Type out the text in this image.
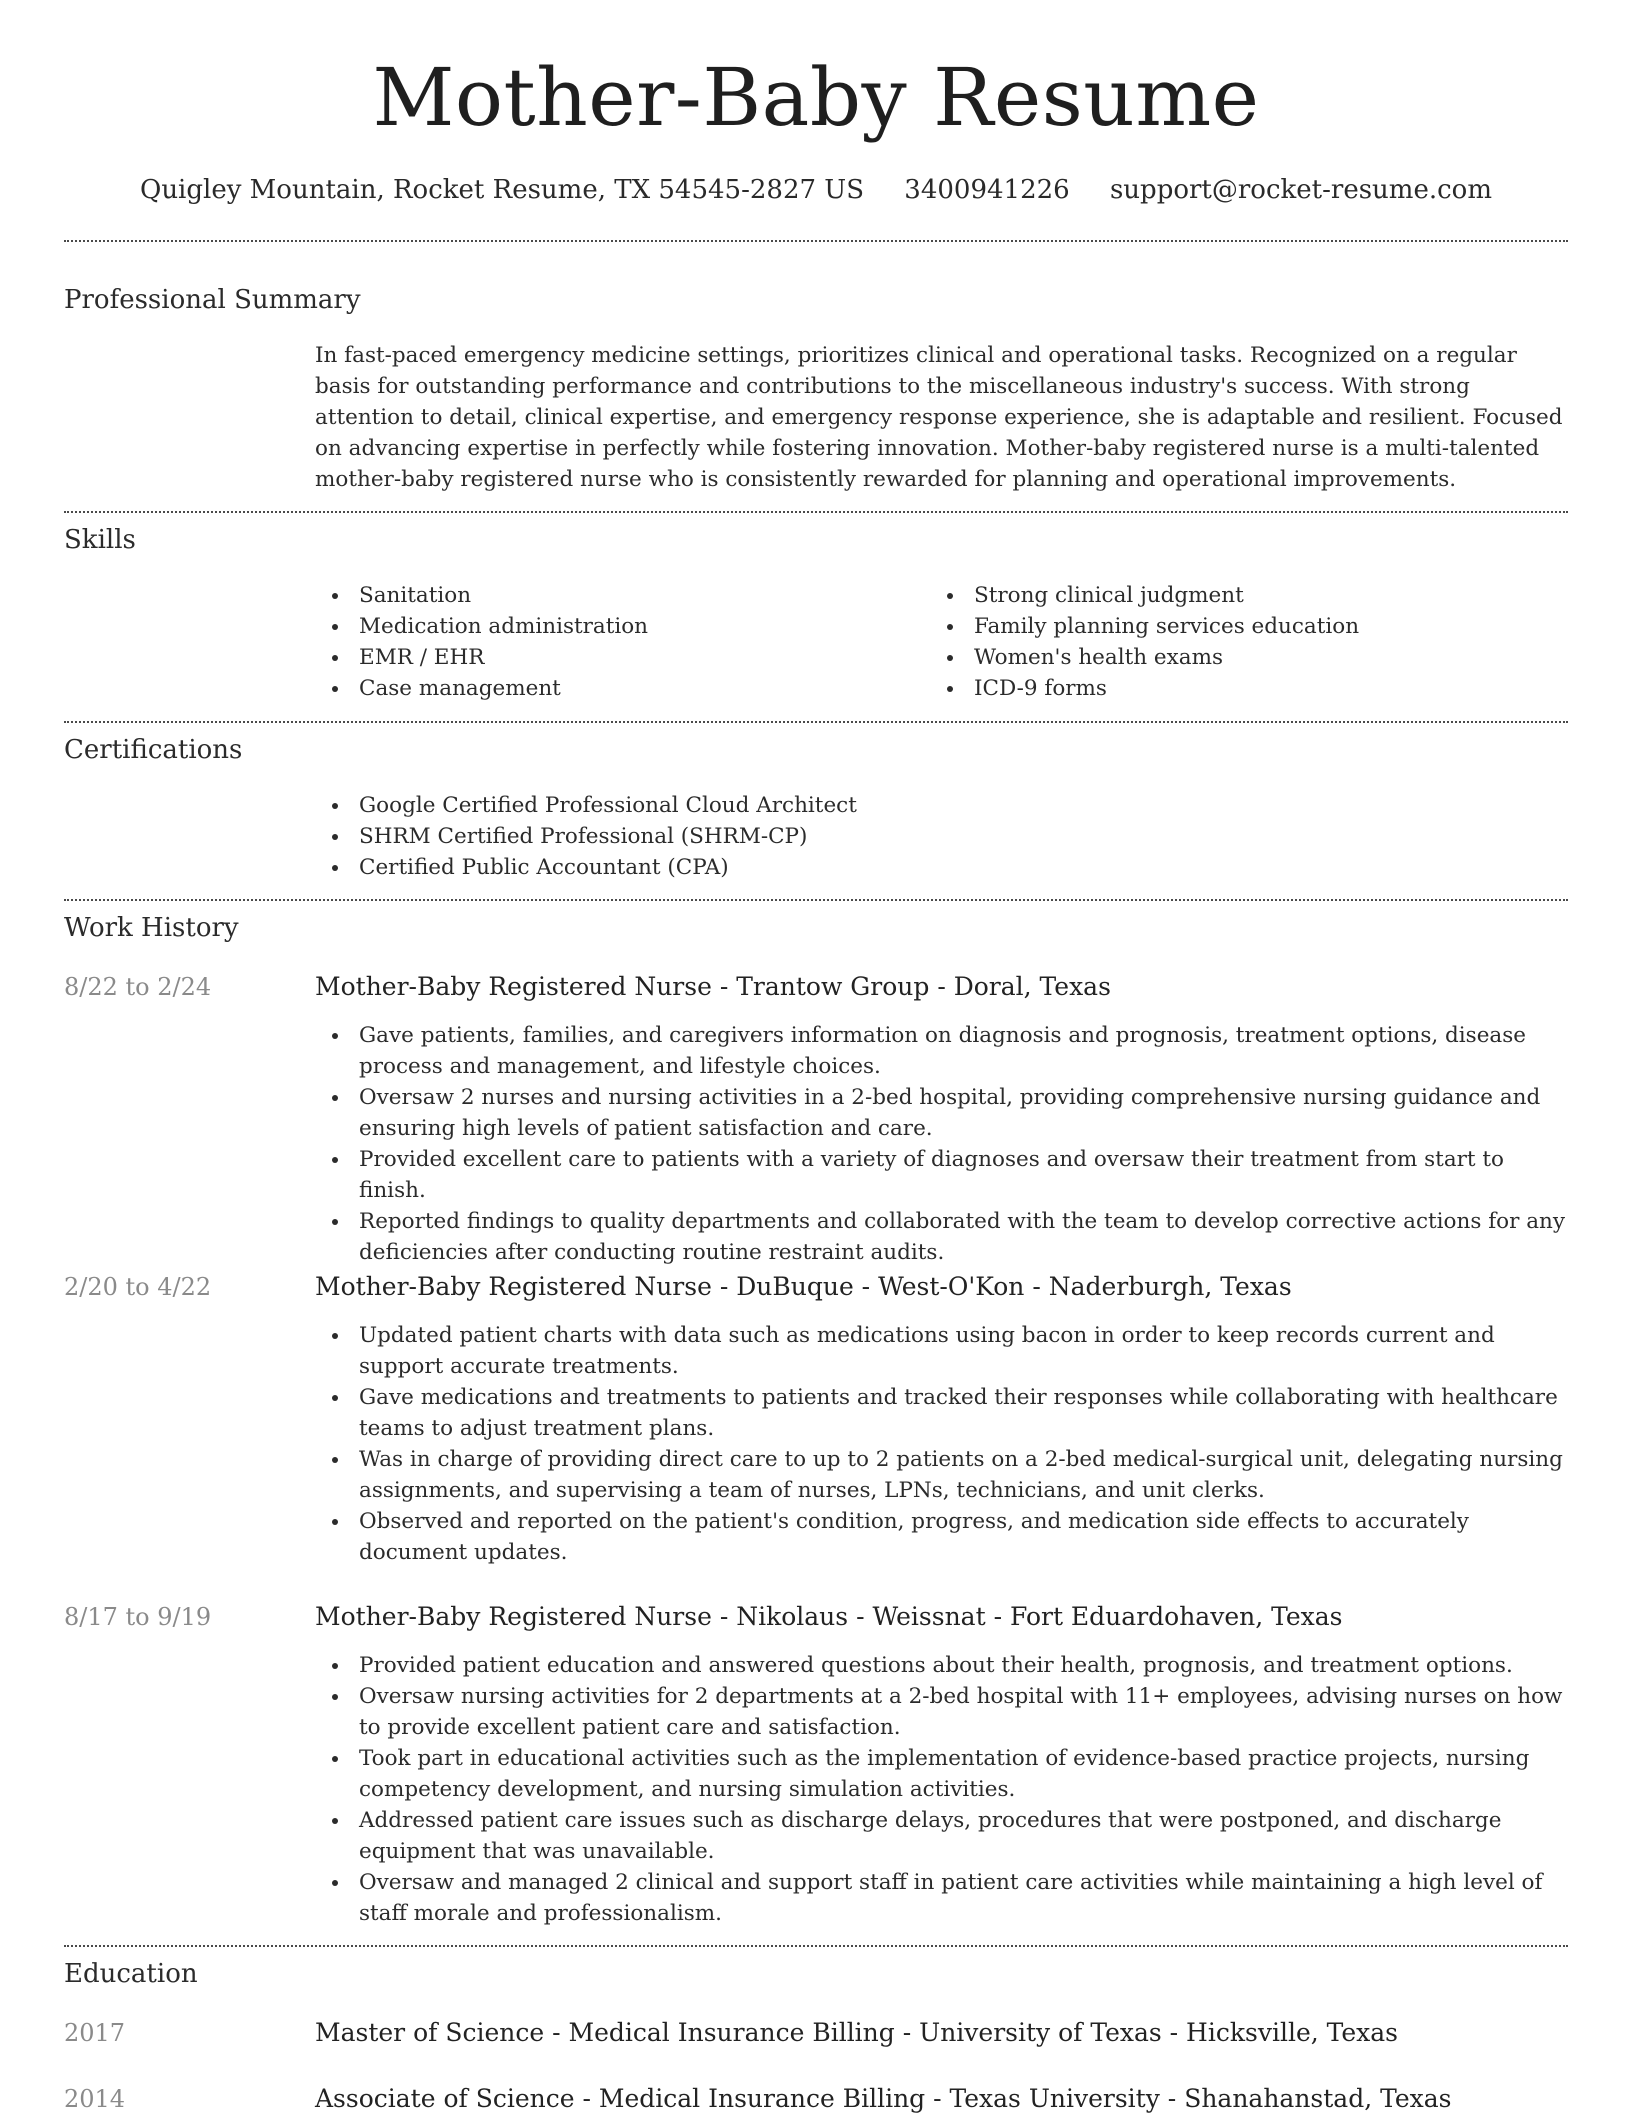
Mother-Baby Resume
Quigley Mountain, Rocket Resume, TX 54545-2827 US 3400941226 support@rocket-resume.com
Professional Summary
In fast-paced emergency medicine settings, prioritizes clinical and operational tasks. Recognized on a regular basis for outstanding performance and contributions to the miscellaneous industry's success. With strong attention to detail, clinical expertise, and emergency response experience, she is adaptable and resilient. Focused on advancing expertise in perfectly while fostering innovation. Mother-baby registered nurse is a multi-talented mother-baby registered nurse who is consistently rewarded for planning and operational improvements.
Skills
Sanitation
Medication administration
EMR / EHR
Case management
Strong clinical judgment
Family planning services education
Women's health exams
ICD-9 forms
Certifications
Google Certified Professional Cloud Architect
SHRM Certified Professional (SHRM-CP)
Certified Public Accountant (CPA)
Work History
8/22 to 2/24	Mother-Baby Registered Nurse - Trantow Group - Doral, Texas
Gave patients, families, and caregivers information on diagnosis and prognosis, treatment options, disease process and management, and lifestyle choices.
Oversaw 2 nurses and nursing activities in a 2-bed hospital, providing comprehensive nursing guidance and ensuring high levels of patient satisfaction and care.
Provided excellent care to patients with a variety of diagnoses and oversaw their treatment from start to finish.
Reported findings to quality departments and collaborated with the team to develop corrective actions for any deficiencies after conducting routine restraint audits.
2/20 to 4/22	Mother-Baby Registered Nurse - DuBuque - West-O'Kon - Naderburgh, Texas
Updated patient charts with data such as medications using bacon in order to keep records current and support accurate treatments.
Gave medications and treatments to patients and tracked their responses while collaborating with healthcare teams to adjust treatment plans.
Was in charge of providing direct care to up to 2 patients on a 2-bed medical-surgical unit, delegating nursing assignments, and supervising a team of nurses, LPNs, technicians, and unit clerks.
Observed and reported on the patient's condition, progress, and medication side effects to accurately document updates.
8/17 to 9/19	Mother-Baby Registered Nurse - Nikolaus - Weissnat - Fort Eduardohaven, Texas
Provided patient education and answered questions about their health, prognosis, and treatment options.
Oversaw nursing activities for 2 departments at a 2-bed hospital with 11+ employees, advising nurses on how to provide excellent patient care and satisfaction.
Took part in educational activities such as the implementation of evidence-based practice projects, nursing competency development, and nursing simulation activities.
Addressed patient care issues such as discharge delays, procedures that were postponed, and discharge equipment that was unavailable.
Oversaw and managed 2 clinical and support staff in patient care activities while maintaining a high level of staff morale and professionalism.
Education
2017	Master of Science - Medical Insurance Billing - University of Texas - Hicksville, Texas
2014	Associate of Science - Medical Insurance Billing - Texas University - Shanahanstad, Texas
